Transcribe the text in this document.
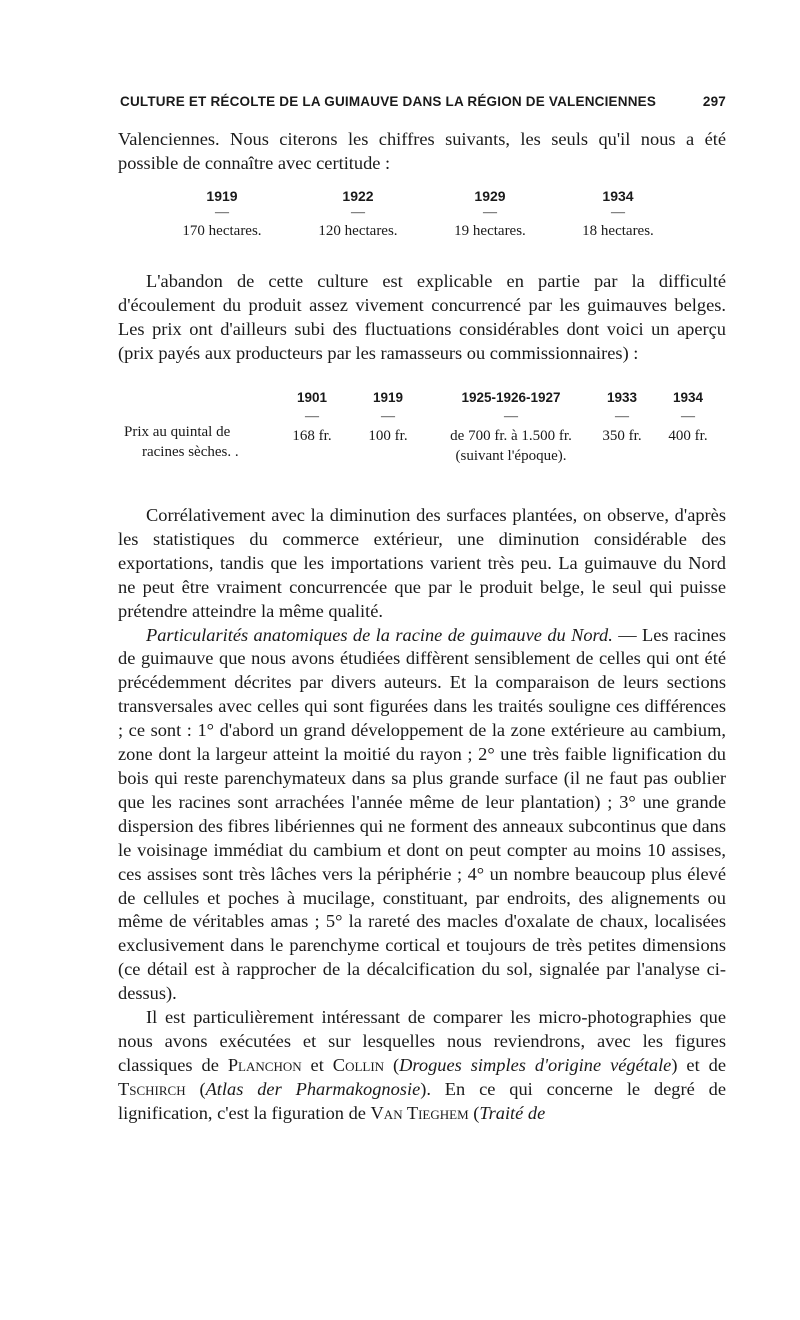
CULTURE ET RÉCOLTE DE LA GUIMAUVE DANS LA RÉGION DE VALENCIENNES	297

Valenciennes. Nous citerons les chiffres suivants, les seuls qu'il nous a été possible de connaître avec certitude :

1919
—
170 hectares.
1922
—
120 hectares.
1929
—
19 hectares.
1934
—
18 hectares.

L'abandon de cette culture est explicable en partie par la difficulté d'écoulement du produit assez vivement concurrencé par les guimauves belges. Les prix ont d'ailleurs subi des fluctuations considérables dont voici un aperçu (prix payés aux producteurs par les ramasseurs ou commissionnaires) :

Prix au quintal de
racines sèches. .
1901
—
168 fr.
1919
—
100 fr.
1925-1926-1927
—
de 700 fr. à 1.500 fr.
(suivant l'époque).
1933
—
350 fr.
1934
—
400 fr.

Corrélativement avec la diminution des surfaces plantées, on observe, d'après les statistiques du commerce extérieur, une diminution considérable des exportations, tandis que les importations varient très peu. La guimauve du Nord ne peut être vraiment concurrencée que par le produit belge, le seul qui puisse prétendre atteindre la même qualité.

Particularités anatomiques de la racine de guimauve du Nord. — Les racines de guimauve que nous avons étudiées diffèrent sensiblement de celles qui ont été précédemment décrites par divers auteurs. Et la comparaison de leurs sections transversales avec celles qui sont figurées dans les traités souligne ces différences ; ce sont : 1° d'abord un grand développement de la zone extérieure au cambium, zone dont la largeur atteint la moitié du rayon ; 2° une très faible lignification du bois qui reste parenchymateux dans sa plus grande surface (il ne faut pas oublier que les racines sont arrachées l'année même de leur plantation) ; 3° une grande dispersion des fibres libériennes qui ne forment des anneaux subcontinus que dans le voisinage immédiat du cambium et dont on peut compter au moins 10 assises, ces assises sont très lâches vers la périphérie ; 4° un nombre beaucoup plus élevé de cellules et poches à mucilage, constituant, par endroits, des alignements ou même de véritables amas ; 5° la rareté des macles d'oxalate de chaux, localisées exclusivement dans le parenchyme cortical et toujours de très petites dimensions (ce détail est à rapprocher de la décalcification du sol, signalée par l'analyse ci-dessus).

Il est particulièrement intéressant de comparer les micro-photographies que nous avons exécutées et sur lesquelles nous reviendrons, avec les figures classiques de Planchon et Collin (Drogues simples d'origine végétale) et de Tschirch (Atlas der Pharmakognosie). En ce qui concerne le degré de lignification, c'est la figuration de Van Tieghem (Traité de
